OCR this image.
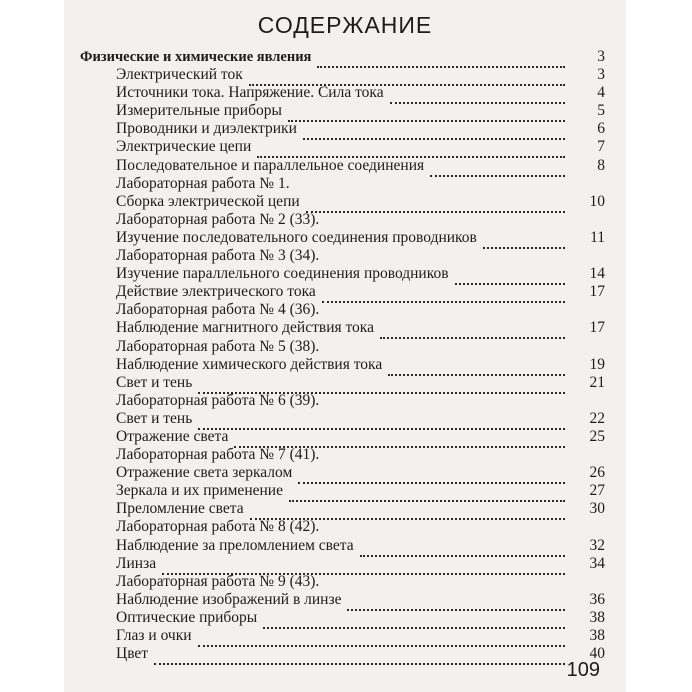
СОДЕРЖАНИЕ
Физические и химические явления	3
Электрический ток	3
Источники тока. Напряжение. Сила тока	4
Измерительные приборы	5
Проводники и диэлектрики	6
Электрические цепи	7
Последовательное и параллельное соединения	8
Лабораторная работа № 1.
Сборка электрической цепи	10
Лабораторная работа № 2 (33).
Изучение последовательного соединения проводников	11
Лабораторная работа № 3 (34).
Изучение параллельного соединения проводников	14
Действие электрического тока	17
Лабораторная работа № 4 (36).
Наблюдение магнитного действия тока	17
Лабораторная работа № 5 (38).
Наблюдение химического действия тока	19
Свет и тень	21
Лабораторная работа № 6 (39).
Свет и тень	22
Отражение света	25
Лабораторная работа № 7 (41).
Отражение света зеркалом	26
Зеркала и их применение	27
Преломление света	30
Лабораторная работа № 8 (42).
Наблюдение за преломлением света	32
Линза	34
Лабораторная работа № 9 (43).
Наблюдение изображений в линзе	36
Оптические приборы	38
Глаз и очки	38
Цвет	40
109
